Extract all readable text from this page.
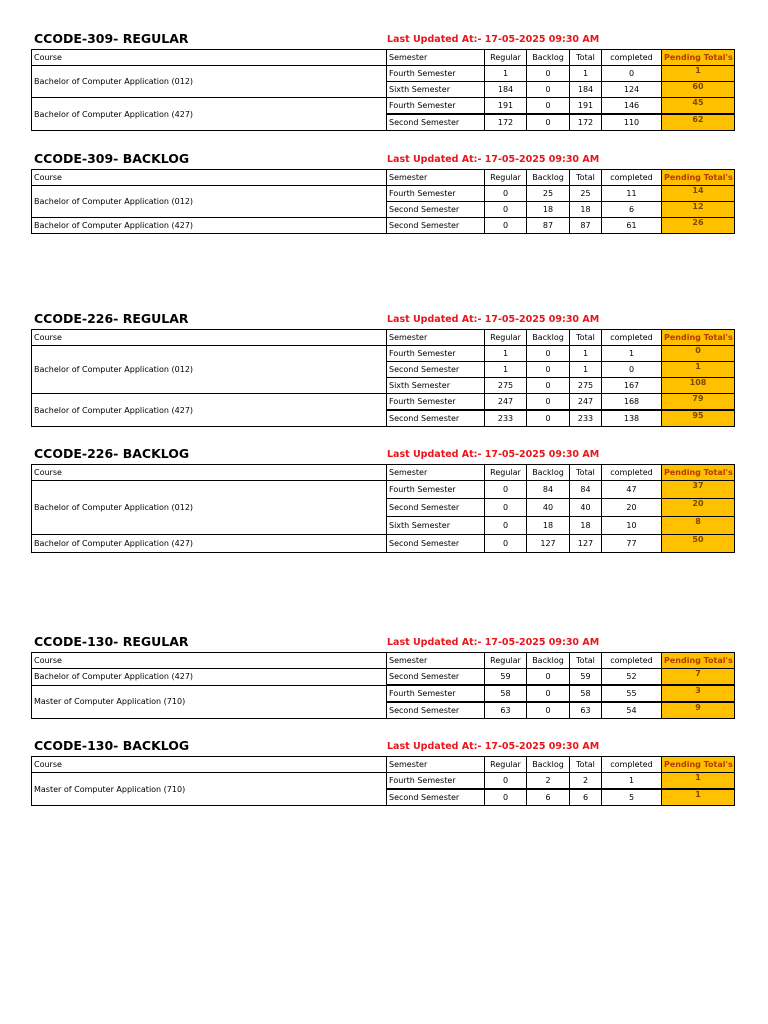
CCODE-309- REGULAR	Last Updated At:- 17-05-2025 09:30 AM
Course	Semester	Regular	Backlog	Total	completed	Pending Total's
Bachelor of Computer Application (012)	Fourth Semester	1	0	1	0	1
	Sixth Semester	184	0	184	124	60
Bachelor of Computer Application (427)	Fourth Semester	191	0	191	146	45
	Second Semester	172	0	172	110	62
CCODE-309- BACKLOG	Last Updated At:- 17-05-2025 09:30 AM
Course	Semester	Regular	Backlog	Total	completed	Pending Total's
Bachelor of Computer Application (012)	Fourth Semester	0	25	25	11	14
	Second Semester	0	18	18	6	12
Bachelor of Computer Application (427)	Second Semester	0	87	87	61	26
CCODE-226- REGULAR	Last Updated At:- 17-05-2025 09:30 AM
Course	Semester	Regular	Backlog	Total	completed	Pending Total's
Bachelor of Computer Application (012)	Fourth Semester	1	0	1	1	0
	Second Semester	1	0	1	0	1
	Sixth Semester	275	0	275	167	108
Bachelor of Computer Application (427)	Fourth Semester	247	0	247	168	79
	Second Semester	233	0	233	138	95
CCODE-226- BACKLOG	Last Updated At:- 17-05-2025 09:30 AM
Course	Semester	Regular	Backlog	Total	completed	Pending Total's
Bachelor of Computer Application (012)	Fourth Semester	0	84	84	47	37
	Second Semester	0	40	40	20	20
	Sixth Semester	0	18	18	10	8
Bachelor of Computer Application (427)	Second Semester	0	127	127	77	50
CCODE-130- REGULAR	Last Updated At:- 17-05-2025 09:30 AM
Course	Semester	Regular	Backlog	Total	completed	Pending Total's
Bachelor of Computer Application (427)	Second Semester	59	0	59	52	7
Master of Computer Application (710)	Fourth Semester	58	0	58	55	3
	Second Semester	63	0	63	54	9
CCODE-130- BACKLOG	Last Updated At:- 17-05-2025 09:30 AM
Course	Semester	Regular	Backlog	Total	completed	Pending Total's
Master of Computer Application (710)	Fourth Semester	0	2	2	1	1
	Second Semester	0	6	6	5	1
